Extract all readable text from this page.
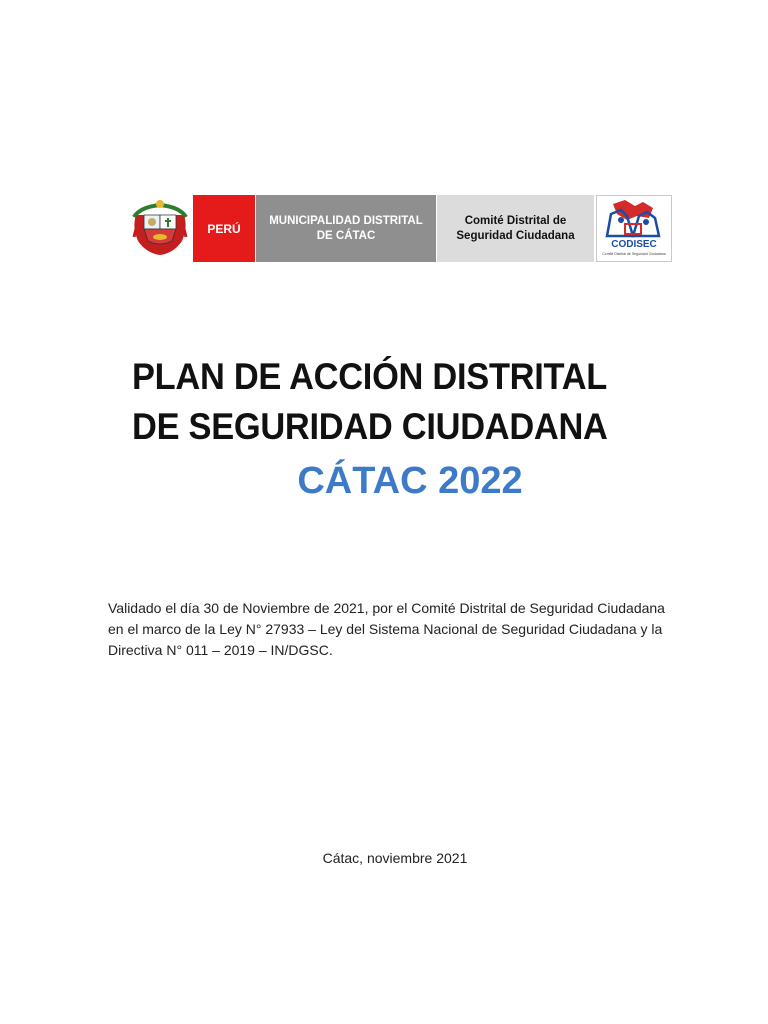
PERÚ
MUNICIPALIDAD DISTRITAL
DE CÁTAC
Comité Distrital de
Seguridad Ciudadana
CODISEC
Comité Distrital de Seguridad Ciudadana
PLAN DE ACCIÓN DISTRITAL
DE SEGURIDAD CIUDADANA
CÁTAC 2022
Validado el día 30 de Noviembre de 2021, por el Comité Distrital de Seguridad Ciudadana en el marco de la Ley N° 27933 – Ley del Sistema Nacional de Seguridad Ciudadana y la Directiva N° 011 – 2019 – IN/DGSC.
Cátac, noviembre 2021
